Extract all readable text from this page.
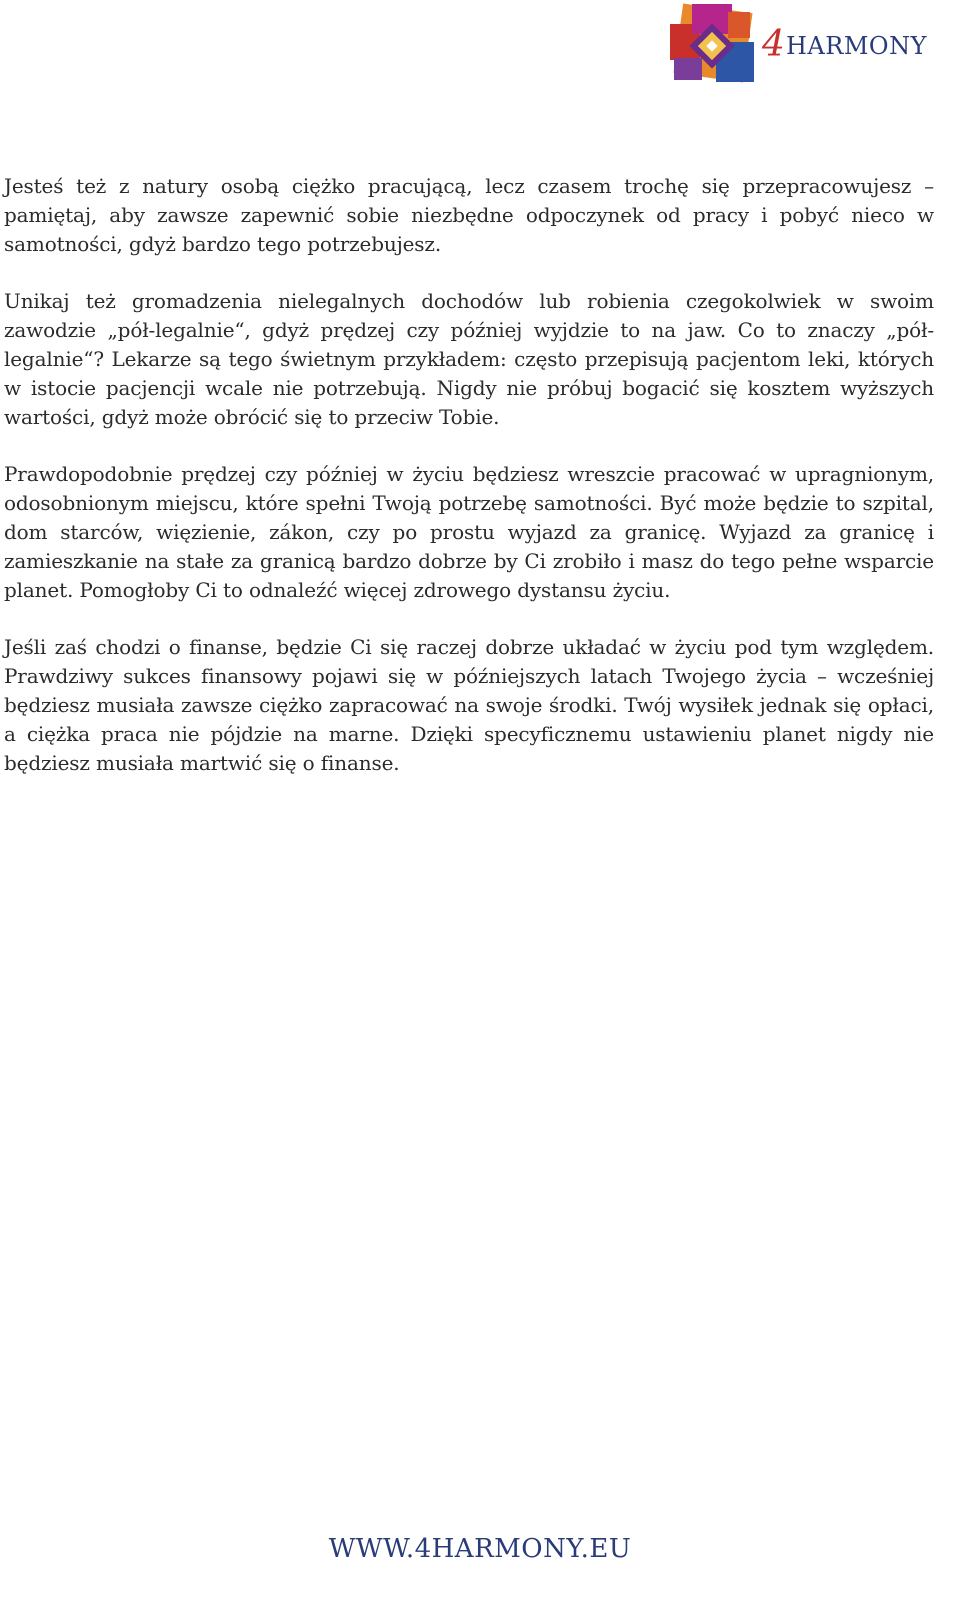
4 HARMONY

Jesteś też z natury osobą ciężko pracującą, lecz czasem trochę się przepracowujesz – pamiętaj, aby zawsze zapewnić sobie niezbędne odpoczynek od pracy i pobyć nieco w samotności, gdyż bardzo tego potrzebujesz.

Unikaj też gromadzenia nielegalnych dochodów lub robienia czegokolwiek w swoim zawodzie „pół-legalnie“, gdyż prędzej czy później wyjdzie to na jaw. Co to znaczy „pół-legalnie“? Lekarze są tego świetnym przykładem: często przepisują pacjentom leki, których w istocie pacjencji wcale nie potrzebują. Nigdy nie próbuj bogacić się kosztem wyższych wartości, gdyż może obrócić się to przeciw Tobie.

Prawdopodobnie prędzej czy później w życiu będziesz wreszcie pracować w upragnionym, odosobnionym miejscu, które spełni Twoją potrzebę samotności. Być może będzie to szpital, dom starców, więzienie, zákon, czy po prostu wyjazd za granicę. Wyjazd za granicę i zamieszkanie na stałe za granicą bardzo dobrze by Ci zrobiło i masz do tego pełne wsparcie planet. Pomogłoby Ci to odnaleźć więcej zdrowego dystansu życiu.

Jeśli zaś chodzi o finanse, będzie Ci się raczej dobrze układać w życiu pod tym względem. Prawdziwy sukces finansowy pojawi się w późniejszych latach Twojego życia – wcześniej będziesz musiała zawsze ciężko zapracować na swoje środki. Twój wysiłek jednak się opłaci, a ciężka praca nie pójdzie na marne. Dzięki specyficznemu ustawieniu planet nigdy nie będziesz musiała martwić się o finanse.

WWW.4HARMONY.EU
